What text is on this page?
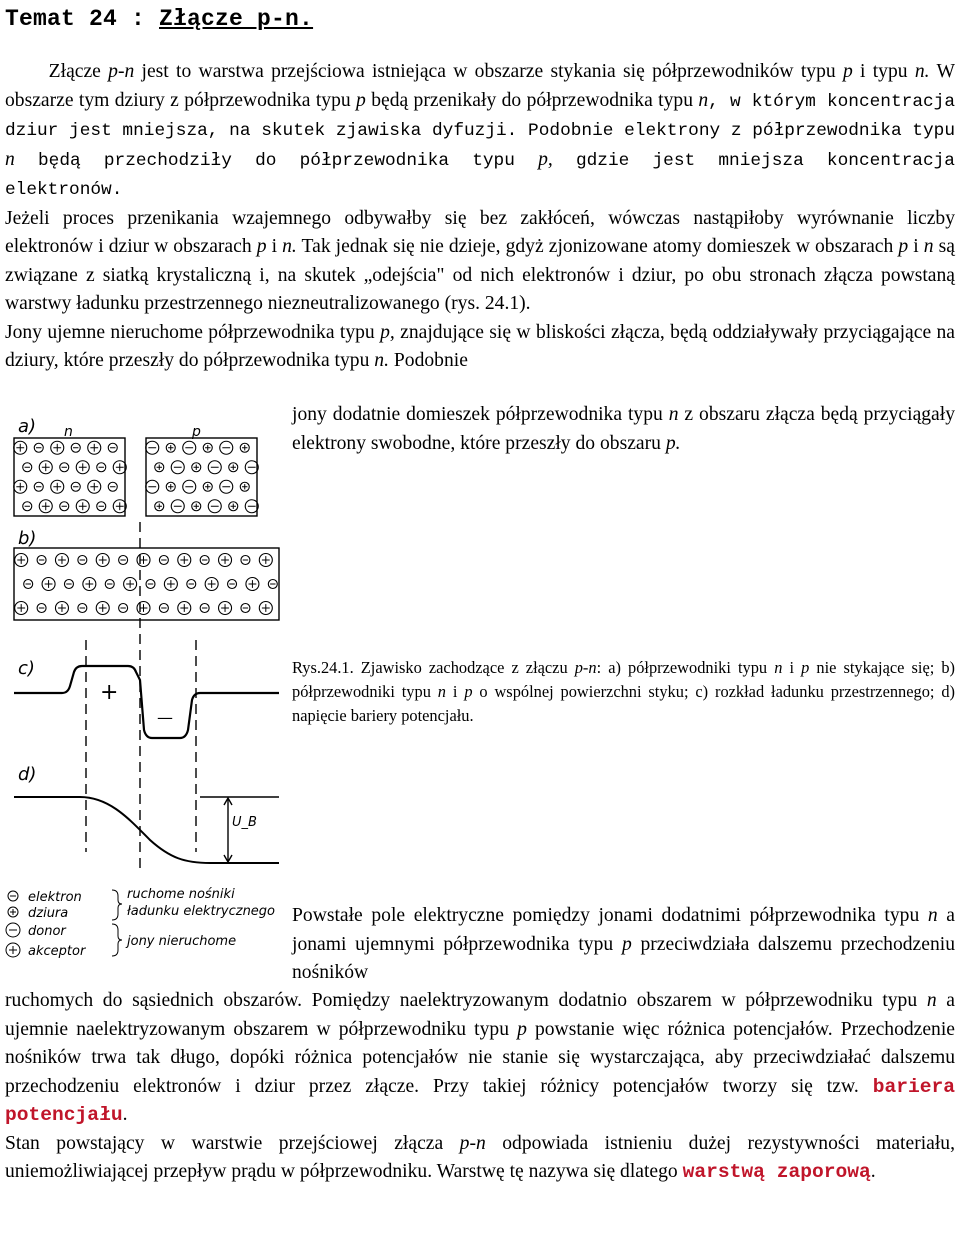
Temat 24 : Złącze p-n.

Złącze p-n jest to warstwa przejściowa istniejąca w obszarze stykania się półprzewodników typu p i typu n. W obszarze tym dziury z półprzewodnika typu p będą przenikały do półprzewodnika typu n, w którym koncentracja dziur jest mniejsza, na skutek zjawiska dyfuzji. Podobnie elektrony z półprzewodnika typu n będą przechodziły do półprzewodnika typu p, gdzie jest mniejsza koncentracja elektronów.
Jeżeli proces przenikania wzajemnego odbywałby się bez zakłóceń, wówczas nastąpiłoby wyrównanie liczby elektronów i dziur w obszarach p i n. Tak jednak się nie dzieje, gdyż zjonizowane atomy domieszek w obszarach p i n są związane z siatką krystaliczną i, na skutek „odejścia" od nich elektronów i dziur, po obu stronach złącza powstaną warstwy ładunku przestrzennego niezneutralizowanego (rys. 24.1).
Jony ujemne nieruchome półprzewodnika typu p, znajdujące się w bliskości złącza, będą oddziaływały przyciągające na dziury, które przeszły do półprzewodnika typu n. Podobnie

jony dodatnie domieszek półprzewodnika typu n z obszaru złącza będą przyciągały elektrony swobodne, które przeszły do obszaru p.

Rys.24.1. Zjawisko zachodzące z złączu p-n: a) półprzewodniki typu n i p nie stykające się; b) półprzewodniki typu n i p o wspólnej powierzchni styku; c) rozkład ładunku przestrzennego; d) napięcie bariery potencjału.

Powstałe pole elektryczne pomiędzy jonami dodatnimi półprzewodnika typu n a jonami ujemnymi półprzewodnika typu p przeciwdziała dalszemu przechodzeniu nośników

ruchomych do sąsiednich obszarów. Pomiędzy naelektryzowanym dodatnio obszarem w półprzewodniku typu n a ujemnie naelektryzowanym obszarem w półprzewodniku typu p powstanie więc różnica potencjałów. Przechodzenie nośników trwa tak długo, dopóki różnica potencjałów nie stanie się wystarczająca, aby przeciwdziałać dalszemu przechodzeniu elektronów i dziur przez złącze. Przy takiej różnicy potencjałów tworzy się tzw. bariera potencjału.
Stan powstający w warstwie przejściowej złącza p-n odpowiada istnieniu dużej rezystywności materiału, uniemożliwiającej przepływ prądu w półprzewodniku. Warstwę tę nazywa się dlatego warstwą zaporową.

a)
b)
c)
d)
n	p
+
—
U_B
elektron
dziura
donor
akceptor
ruchome nośniki
ładunku elektrycznego
jony nieruchome
